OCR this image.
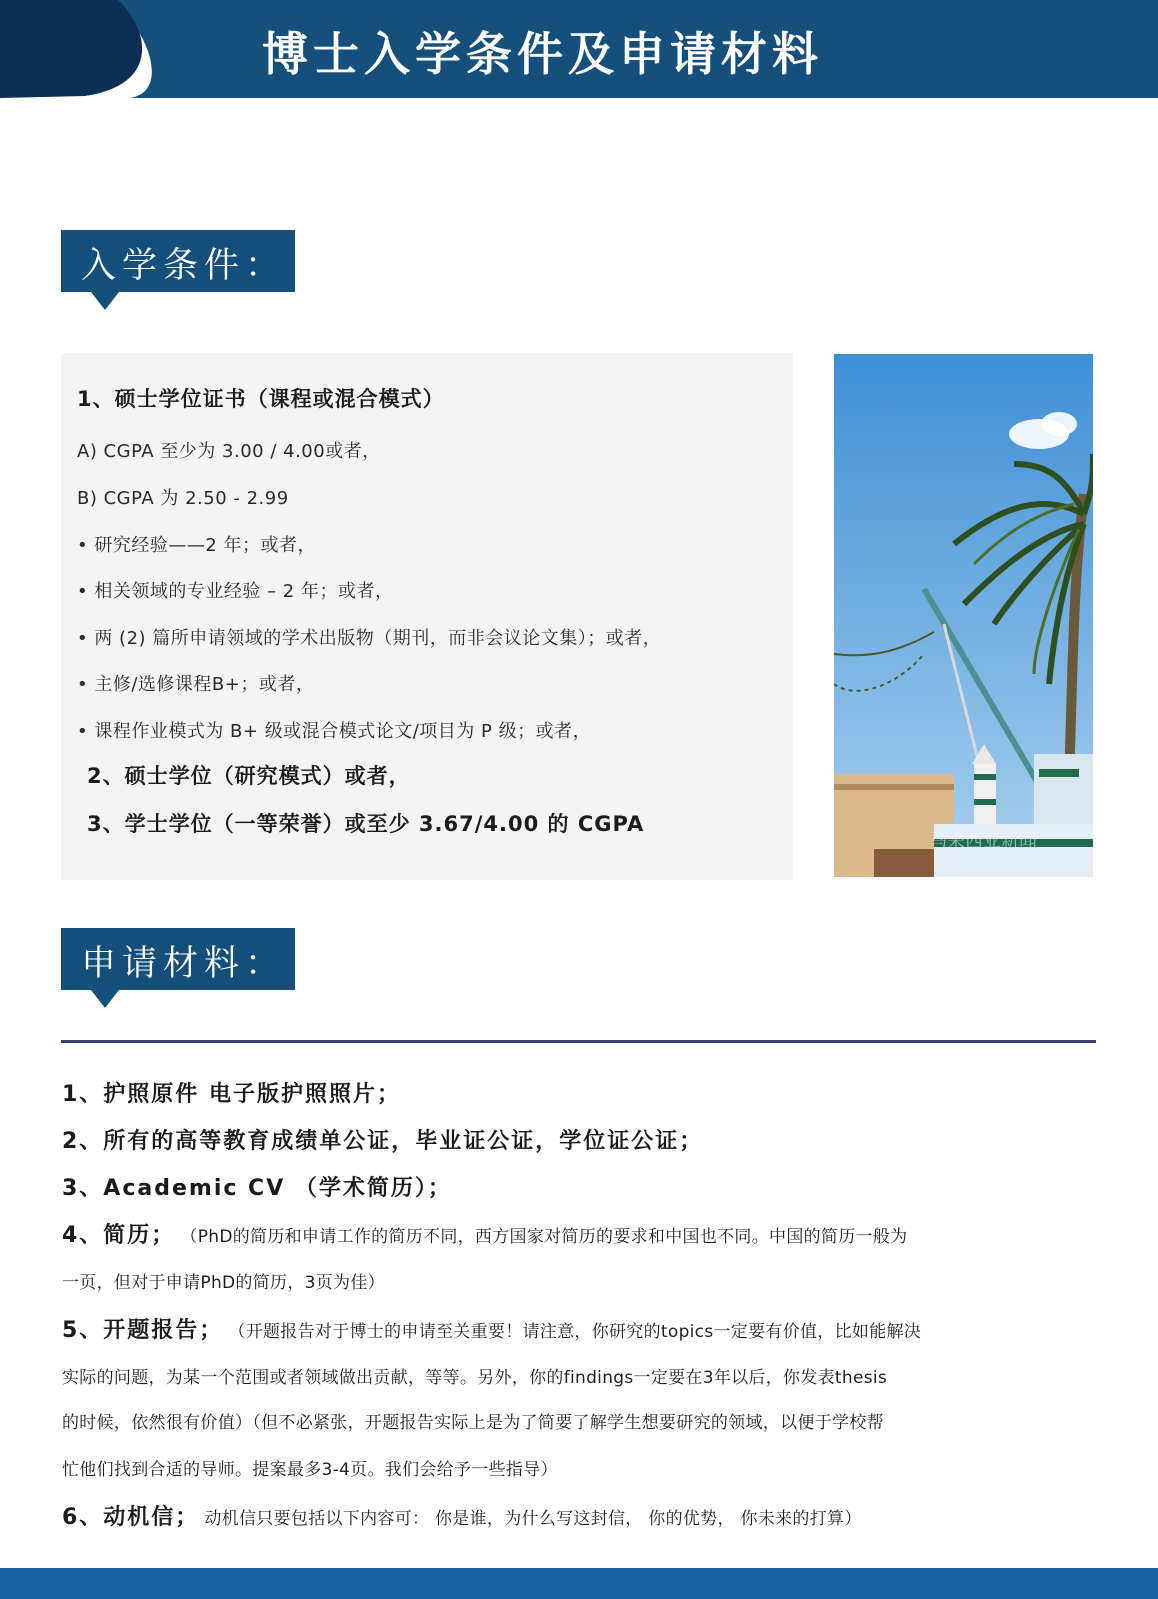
博士入学条件及申请材料
入学条件：
1、硕士学位证书（课程或混合模式）
A) CGPA 至少为 3.00 / 4.00或者，
B) CGPA 为 2.50 - 2.99
• 研究经验——2 年；或者，
• 相关领域的专业经验 – 2 年；或者，
• 两 (2) 篇所申请领域的学术出版物（期刊，而非会议论文集）；或者，
• 主修/选修课程B+；或者，
• 课程作业模式为 B+ 级或混合模式论文/项目为 P 级；或者，
2、硕士学位（研究模式）或者，
3、学士学位（一等荣誉）或至少 3.67/4.00 的 CGPA
马来西亚新闻
申请材料：
1、护照原件 电子版护照照片；
2、所有的高等教育成绩单公证，毕业证公证，学位证公证；
3、Academic CV （学术简历）；
4、简历； （PhD的简历和申请工作的简历不同，西方国家对简历的要求和中国也不同。中国的简历一般为
一页，但对于申请PhD的简历，3页为佳）
5、开题报告； （开题报告对于博士的申请至关重要！请注意，你研究的topics一定要有价值，比如能解决
实际的问题，为某一个范围或者领域做出贡献，等等。另外，你的findings一定要在3年以后，你发表thesis
的时候，依然很有价值）（但不必紧张，开题报告实际上是为了简要了解学生想要研究的领域，以便于学校帮
忙他们找到合适的导师。提案最多3-4页。我们会给予一些指导）
6、动机信； 动机信只要包括以下内容可： 你是谁，为什么写这封信， 你的优势， 你未来的打算）
